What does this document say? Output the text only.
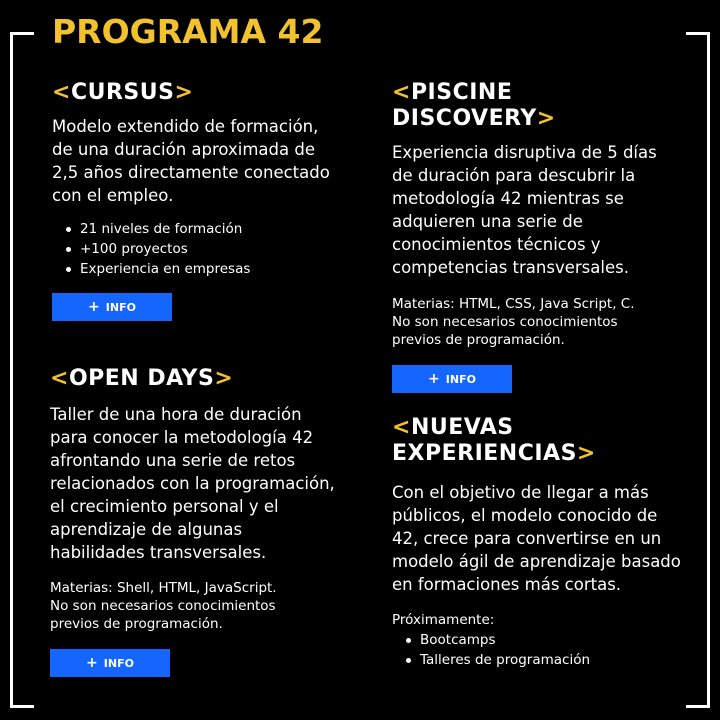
PROGRAMA 42
<CURSUS>

Modelo extendido de formación, de una duración aproximada de 2,5 años directamente conectado con el empleo.

21 niveles de formación
+100 proyectos
Experiencia en empresas
+ INFO
<PISCINE DISCOVERY>

Experiencia disruptiva de 5 días de duración para descubrir la metodología 42 mientras se adquieren una serie de conocimientos técnicos y competencias transversales.

Materias: HTML, CSS, Java Script, C.

No son necesarios conocimientos previos de programación.

+ INFO
<OPEN DAYS>

Taller de una hora de duración para conocer la metodología 42 afrontando una serie de retos relacionados con la programación, el crecimiento personal y el aprendizaje de algunas habilidades transversales.

Materias: Shell, HTML, JavaScript.

No son necesarios conocimientos previos de programación.

+ INFO
<NUEVAS
EXPERIENCIAS>

Con el objetivo de llegar a más públicos, el modelo conocido de 42, crece para convertirse en un modelo ágil de aprendizaje basado en formaciones más cortas.

Próximamente:

Bootcamps
Talleres de programación
